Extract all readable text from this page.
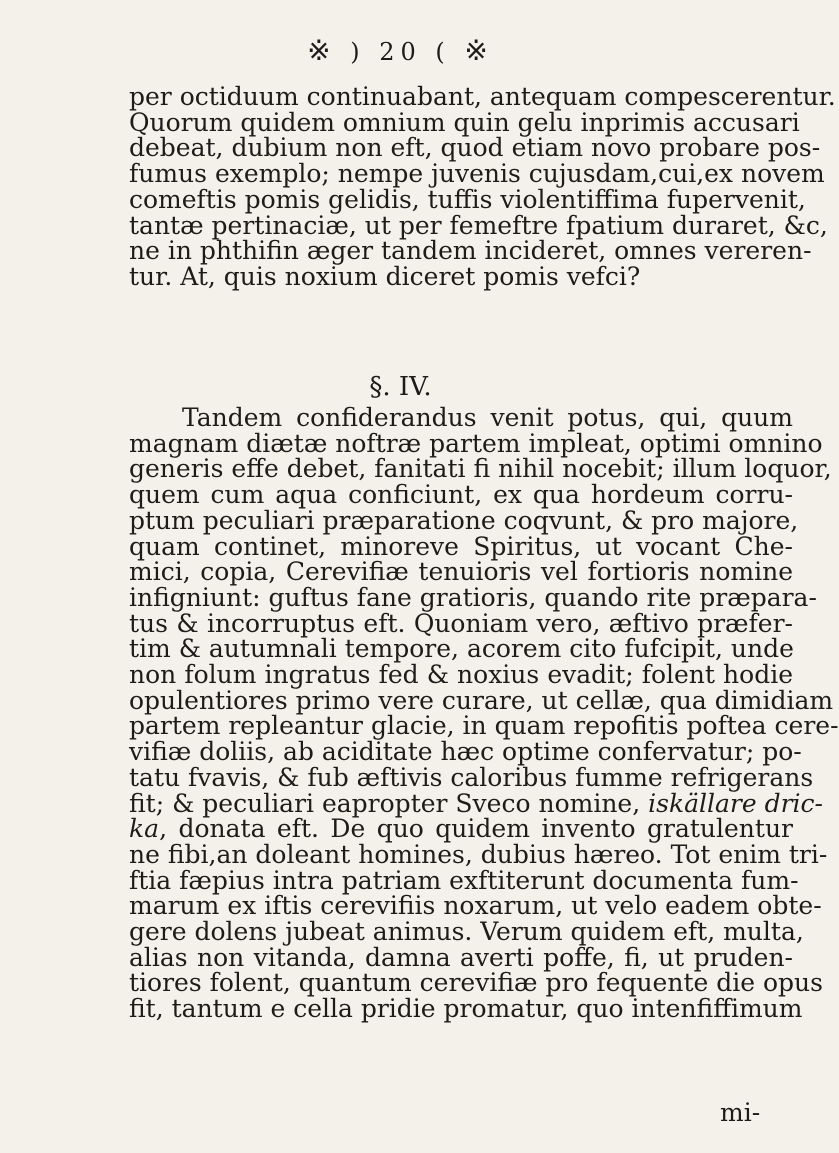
※ ) 20 ( ※
per octiduum continuabant, antequam compescerentur.
Quorum quidem omnium quin gelu inprimis accusari
debeat, dubium non eft, quod etiam novo probare pos-
fumus exemplo; nempe juvenis cujusdam,cui,ex novem
comeftis pomis gelidis, tuffis violentiffima fupervenit,
tantæ pertinaciæ, ut per femeftre fpatium duraret, &c,
ne in phthifin æger tandem incideret, omnes vereren-
tur. At, quis noxium diceret pomis vefci?
§. IV.
Tandem confiderandus venit potus, qui, quum
magnam diætæ noftræ partem impleat, optimi omnino
generis effe debet, fanitati fi nihil nocebit; illum loquor,
quem cum aqua conficiunt, ex qua hordeum corru-
ptum peculiari præparatione coqvunt, & pro majore,
quam continet, minoreve Spiritus, ut vocant Che-
mici, copia, Cerevifiæ tenuioris vel fortioris nomine
infigniunt: guftus fane gratioris, quando rite præpara-
tus & incorruptus eft. Quoniam vero, æftivo præfer-
tim & autumnali tempore, acorem cito fufcipit, unde
non folum ingratus fed & noxius evadit; folent hodie
opulentiores primo vere curare, ut cellæ, qua dimidiam
partem repleantur glacie, in quam repofitis poftea cere-
vifiæ doliis, ab aciditate hæc optime confervatur; po-
tatu fvavis, & fub æftivis caloribus fumme refrigerans
fit; & peculiari eapropter Sveco nomine, iskällare dric-
ka, donata eft. De quo quidem invento gratulentur
ne fibi,an doleant homines, dubius hæreo. Tot enim tri-
ftia fæpius intra patriam exftiterunt documenta fum-
marum ex iftis cerevifiis noxarum, ut velo eadem obte-
gere dolens jubeat animus. Verum quidem eft, multa,
alias non vitanda, damna averti poffe, fi, ut pruden-
tiores folent, quantum cerevifiæ pro fequente die opus
fit, tantum e cella pridie promatur, quo intenfiffimum
mi-
